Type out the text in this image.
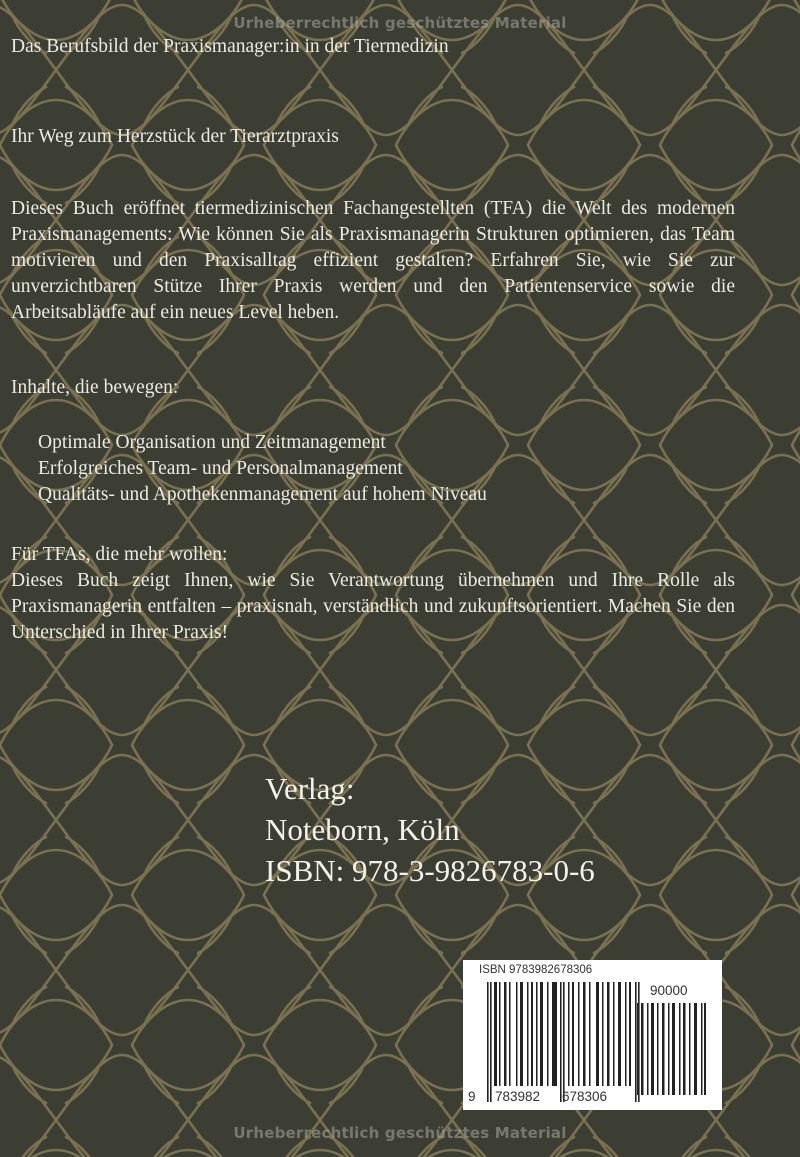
Urheberrechtlich geschütztes Material
Das Berufsbild der Praxismanager:in in der Tiermedizin
Ihr Weg zum Herzstück der Tierarztpraxis
Dieses Buch eröffnet tiermedizinischen Fachangestellten (TFA) die Welt des modernen Praxismanagements: Wie können Sie als Praxismanagerin Strukturen optimieren, das Team motivieren und den Praxisalltag effizient gestalten? Erfahren Sie, wie Sie zur unverzichtbaren Stütze Ihrer Praxis werden und den Patientenservice sowie die Arbeitsabläufe auf ein neues Level heben.
Inhalte, die bewegen:
Optimale Organisation und Zeitmanagement
Erfolgreiches Team- und Personalmanagement
Qualitäts- und Apothekenmanagement auf hohem Niveau
Für TFAs, die mehr wollen:
Dieses Buch zeigt Ihnen, wie Sie Verantwortung übernehmen und Ihre Rolle als Praxismanagerin entfalten – praxisnah, verständlich und zukunftsorientiert. Machen Sie den Unterschied in Ihrer Praxis!
Verlag:
Noteborn, Köln
ISBN: 978-3-9826783-0-6
ISBN 9783982678306
90000
9 783982 678306
Urheberrechtlich geschütztes Material
